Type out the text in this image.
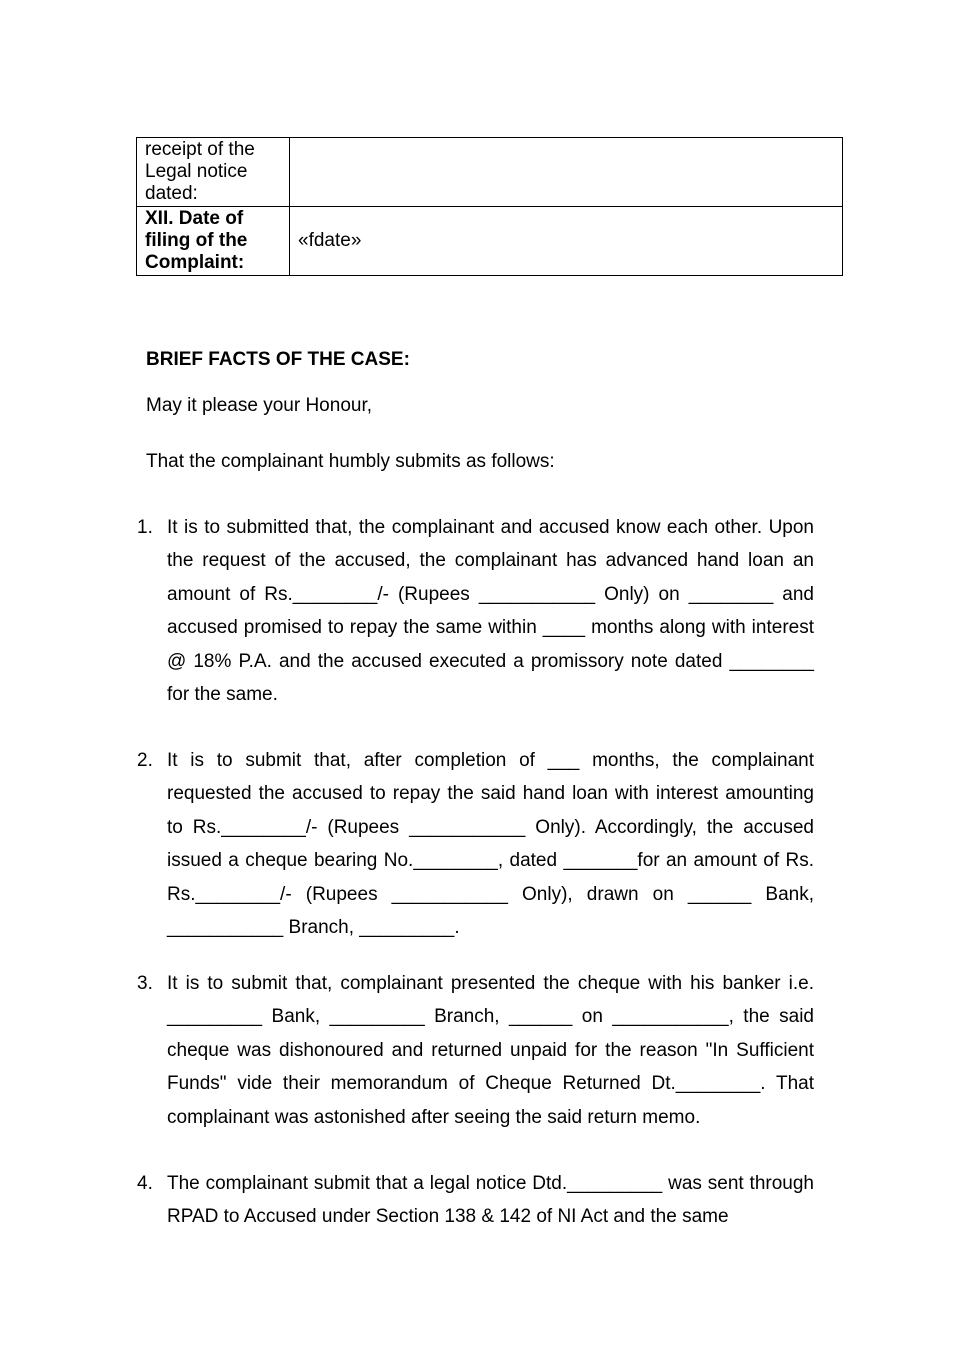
receipt of the Legal notice dated:	
XII. Date of filing of the Complaint:	«fdate»
BRIEF FACTS OF THE CASE:
May it please your Honour,
That the complainant humbly submits as follows:
1. It is to submitted that, the complainant and accused know each other. Upon the request of the accused, the complainant has advanced hand loan an amount of Rs.________/- (Rupees ___________ Only) on ________ and accused promised to repay the same within ____ months along with interest @ 18% P.A. and the accused executed a promissory note dated ________ for the same.
2. It is to submit that, after completion of ___ months, the complainant requested the accused to repay the said hand loan with interest amounting to Rs.________/- (Rupees ___________ Only). Accordingly, the accused issued a cheque bearing No.________, dated _______for an amount of Rs. Rs.________/- (Rupees ___________ Only), drawn on ______ Bank, ___________ Branch, _________.
3. It is to submit that, complainant presented the cheque with his banker i.e. _________ Bank, _________ Branch, ______ on ___________, the said cheque was dishonoured and returned unpaid for the reason "In Sufficient Funds" vide their memorandum of Cheque Returned Dt.________. That complainant was astonished after seeing the said return memo.
4. The complainant submit that a legal notice Dtd._________ was sent through RPAD to Accused under Section 138 & 142 of NI Act and the same
